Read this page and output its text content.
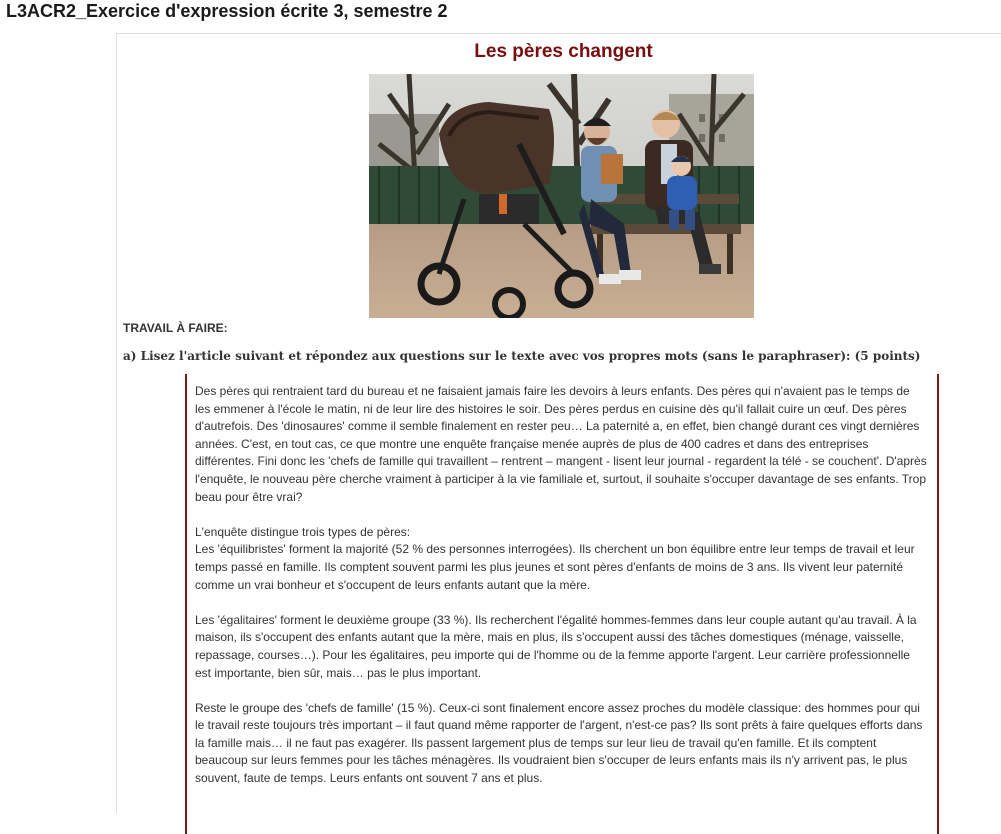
L3ACR2_Exercice d'expression écrite 3, semestre 2
Les pères changent

TRAVAIL À FAIRE:

a) Lisez l'article suivant et répondez aux questions sur le texte avec vos propres mots (sans le paraphraser): (5 points)

Des pères qui rentraient tard du bureau et ne faisaient jamais faire les devoirs à leurs enfants. Des pères qui n'avaient pas le temps de les emmener à l'école le matin, ni de leur lire des histoires le soir. Des pères perdus en cuisine dès qu'il fallait cuire un œuf. Des pères d'autrefois. Des 'dinosaures' comme il semble finalement en rester peu… La paternité a, en effet, bien changé durant ces vingt dernières années. C'est, en tout cas, ce que montre une enquête française menée auprès de plus de 400 cadres et dans des entreprises différentes. Fini donc les 'chefs de famille qui travaillent – rentrent – mangent - lisent leur journal - regardent la télé - se couchent'. D'après l'enquête, le nouveau père cherche vraiment à participer à la vie familiale et, surtout, il souhaite s'occuper davantage de ses enfants. Trop beau pour être vrai?

L'enquête distingue trois types de pères:

Les 'équilibristes' forment la majorité (52 % des personnes interrogées). Ils cherchent un bon équilibre entre leur temps de travail et leur temps passé en famille. Ils comptent souvent parmi les plus jeunes et sont pères d'enfants de moins de 3 ans. Ils vivent leur paternité comme un vrai bonheur et s'occupent de leurs enfants autant que la mère.

Les 'égalitaires' forment le deuxième groupe (33 %). Ils recherchent l'égalité hommes-femmes dans leur couple autant qu'au travail. À la maison, ils s'occupent des enfants autant que la mère, mais en plus, ils s'occupent aussi des tâches domestiques (ménage, vaisselle, repassage, courses…). Pour les égalitaires, peu importe qui de l'homme ou de la femme apporte l'argent. Leur carrière professionnelle est importante, bien sûr, mais… pas le plus important.

Reste le groupe des 'chefs de famille' (15 %). Ceux-ci sont finalement encore assez proches du modèle classique: des hommes pour qui le travail reste toujours très important – il faut quand même rapporter de l'argent, n'est-ce pas? Ils sont prêts à faire quelques efforts dans la famille mais… il ne faut pas exagérer. Ils passent largement plus de temps sur leur lieu de travail qu'en famille. Et ils comptent beaucoup sur leurs femmes pour les tâches ménagères. Ils voudraient bien s'occuper de leurs enfants mais ils n'y arrivent pas, le plus souvent, faute de temps. Leurs enfants ont souvent 7 ans et plus.
